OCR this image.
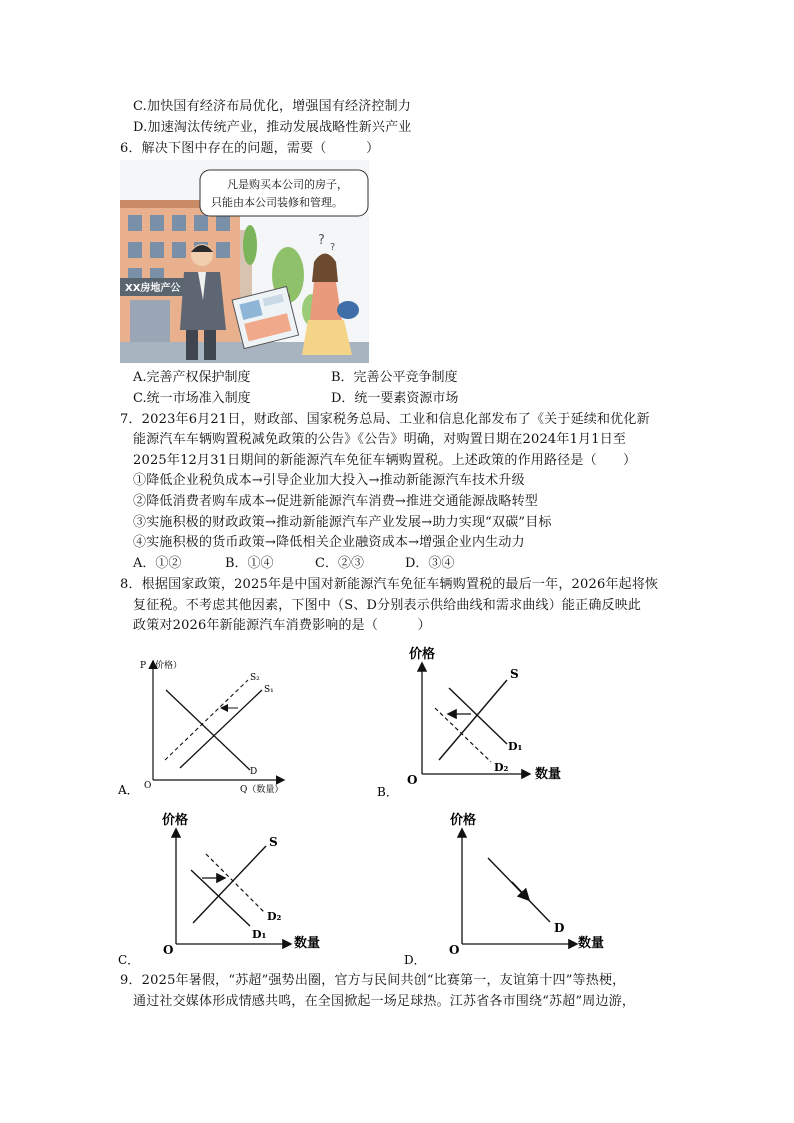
C.加快国有经济布局优化，增强国有经济控制力
D.加速淘汰传统产业，推动发展战略性新兴产业
6．解决下图中存在的问题，需要（　　　）
XX房地产公
凡是购买本公司的房子，
只能由本公司装修和管理。
? ?
A.完善产权保护制度	B．完善公平竞争制度
C.统一市场准入制度	D．统一要素资源市场
7．2023年6月21日，财政部、国家税务总局、工业和信息化部发布了《关于延续和优化新
能源汽车车辆购置税减免政策的公告》《公告》明确，对购置日期在2024年1月1日至
2025年12月31日期间的新能源汽车免征车辆购置税。上述政策的作用路径是（　　）
①降低企业税负成本→引导企业加大投入→推动新能源汽车技术升级
②降低消费者购车成本→促进新能源汽车消费→推进交通能源战略转型
③实施积极的财政政策→推动新能源汽车产业发展→助力实现“双碳”目标
④实施积极的货币政策→降低相关企业融资成本→增强企业内生动力
A．①②	B．①④	C．②③	D．③④
8．根据国家政策，2025年是中国对新能源汽车免征车辆购置税的最后一年，2026年起将恢
复征税。不考虑其他因素，下图中（S、D分别表示供给曲线和需求曲线）能正确反映此
政策对2026年新能源汽车消费影响的是（　　　）
P（价格）
Q（数量）
O
S₂
S₁
D
A．
价格
数量
O
S
D₁
D₂
B．
价格
数量
O
S
D₂
D₁
C．
价格
数量
O
D
D．
9．2025年暑假，“苏超”强势出圈，官方与民间共创“比赛第一，友谊第十四”等热梗，
通过社交媒体形成情感共鸣，在全国掀起一场足球热。江苏省各市围绕“苏超”周边游，
